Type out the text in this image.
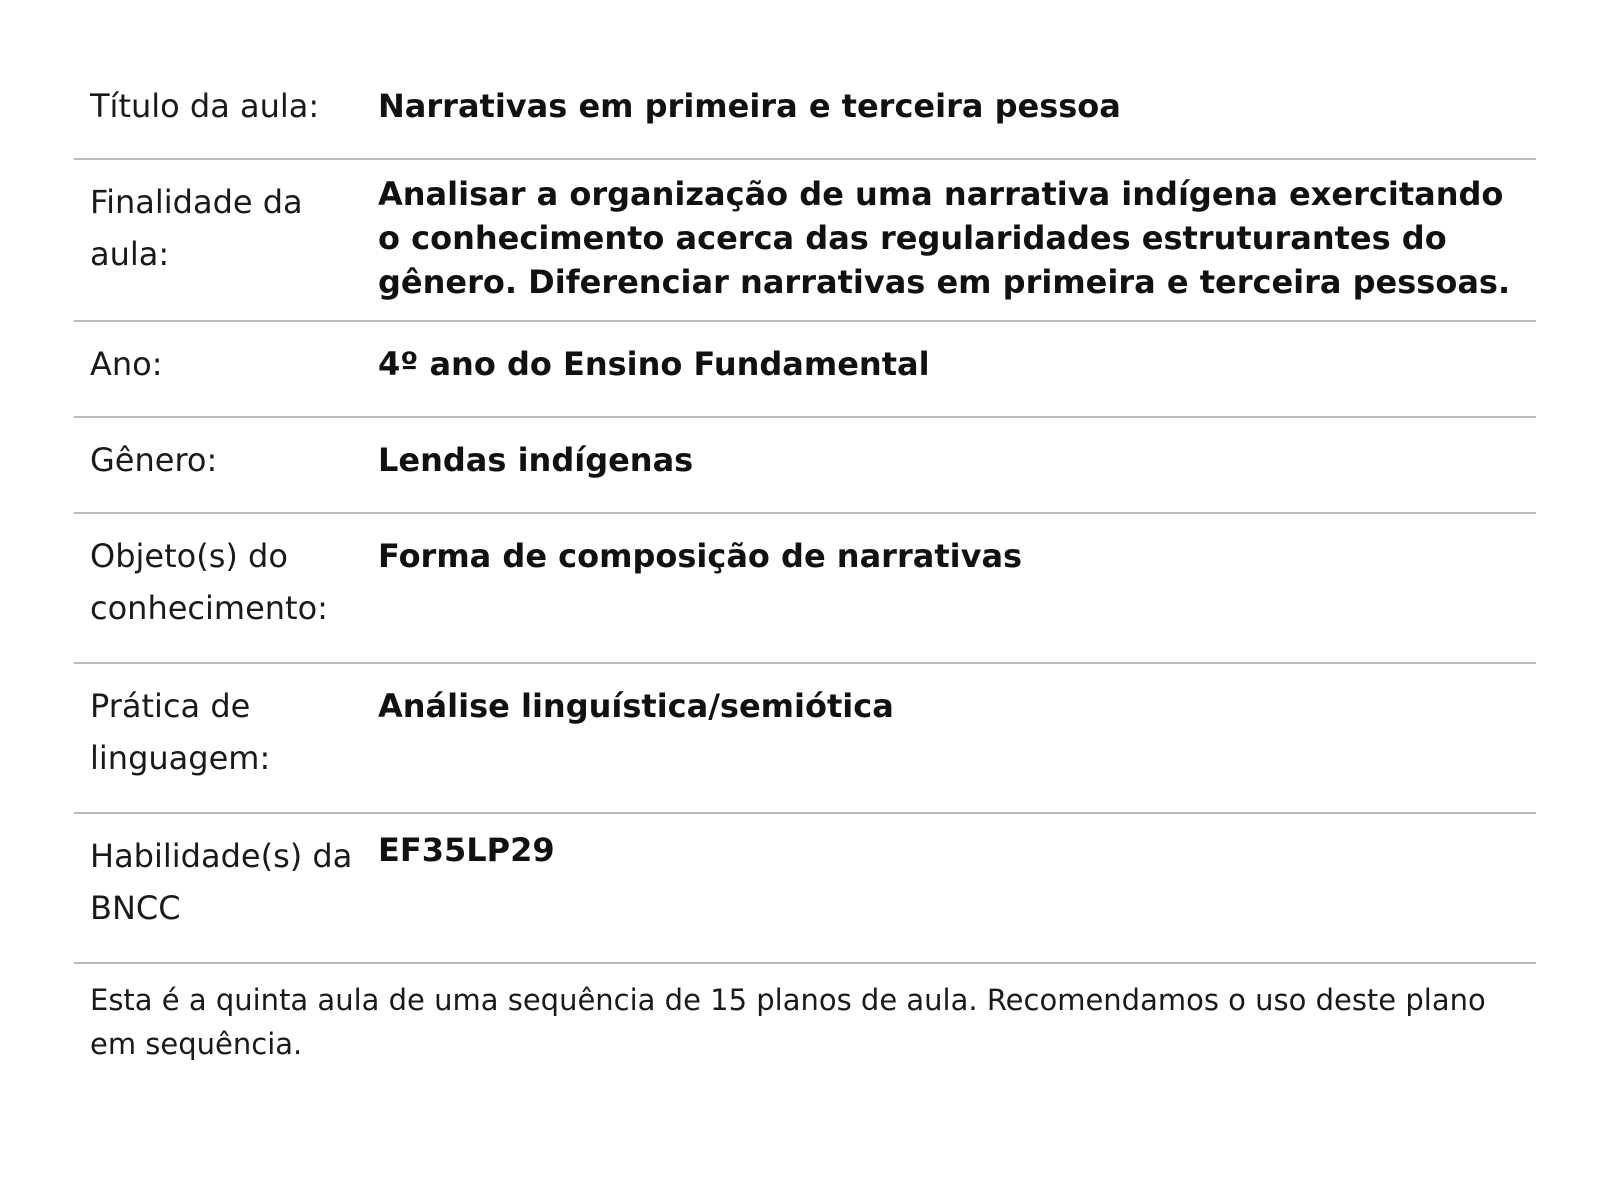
Título da aula:	Narrativas em primeira e terceira pessoa
Finalidade da aula:
Analisar a organização de uma narrativa indígena exercitando o conhecimento acerca das regularidades estruturantes do gênero. Diferenciar narrativas em primeira e terceira pessoas.
Ano:	4º ano do Ensino Fundamental
Gênero:	Lendas indígenas
Objeto(s) do conhecimento:
Forma de composição de narrativas
Prática de linguagem:
Análise linguística/semiótica
Habilidade(s) da BNCC
EF35LP29
Esta é a quinta aula de uma sequência de 15 planos de aula. Recomendamos o uso deste plano em sequência.
